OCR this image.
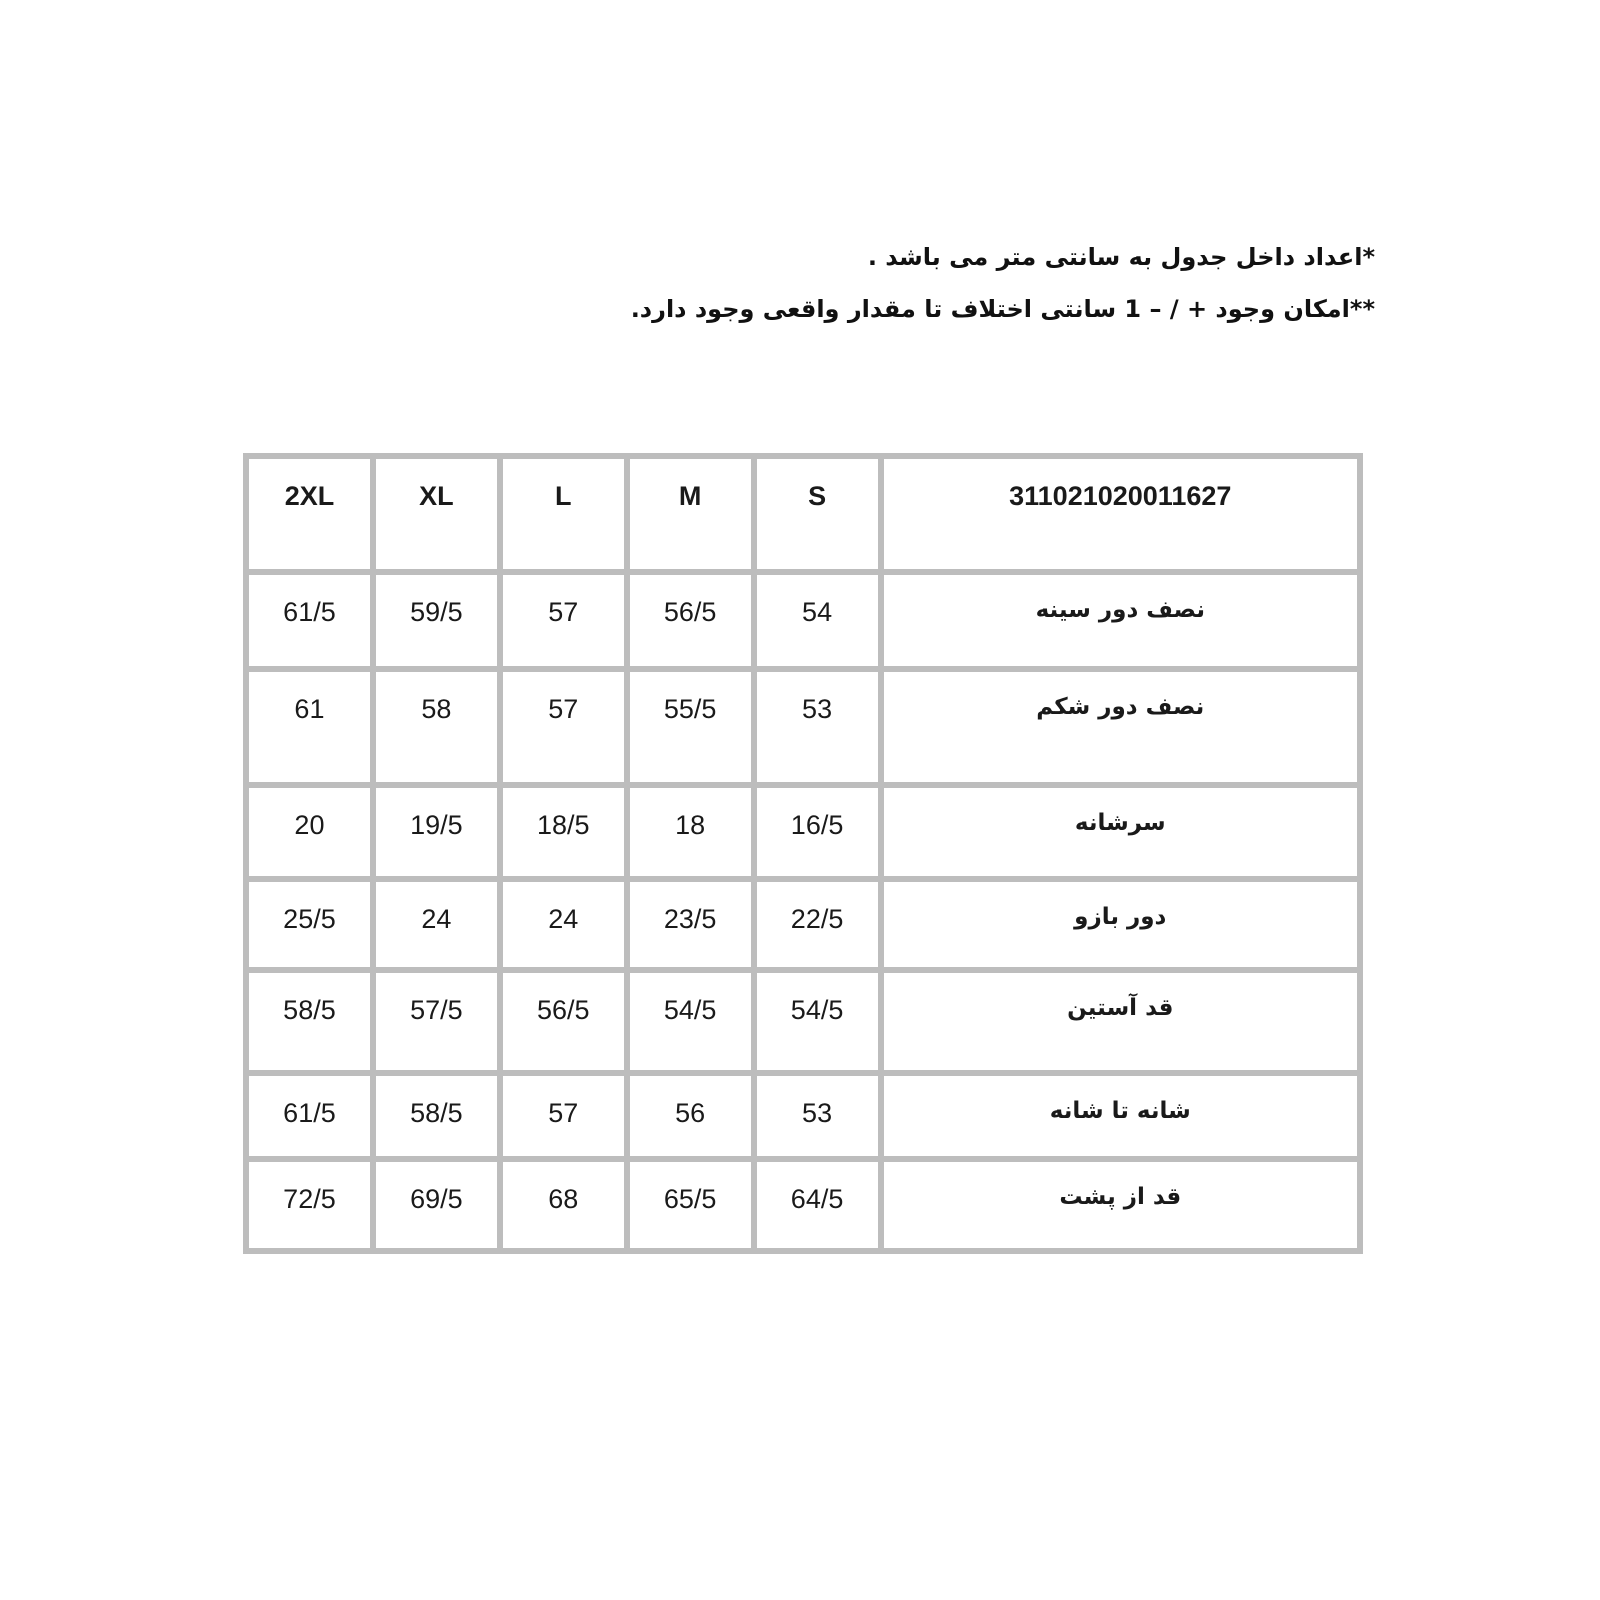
*اعداد داخل جدول به سانتی متر می باشد .
**امکان وجود + / – 1 سانتی اختلاف تا مقدار واقعی وجود دارد.
2XL	XL	L	M	S	311021020011627

61/5	59/5	57	56/5	54	نصف دور سینه

61	58	57	55/5	53	نصف دور شکم

20	19/5	18/5	18	16/5	سرشانه

25/5	24	24	23/5	22/5	دور بازو

58/5	57/5	56/5	54/5	54/5	قد آستین

61/5	58/5	57	56	53	شانه تا شانه

72/5	69/5	68	65/5	64/5	قد از پشت
